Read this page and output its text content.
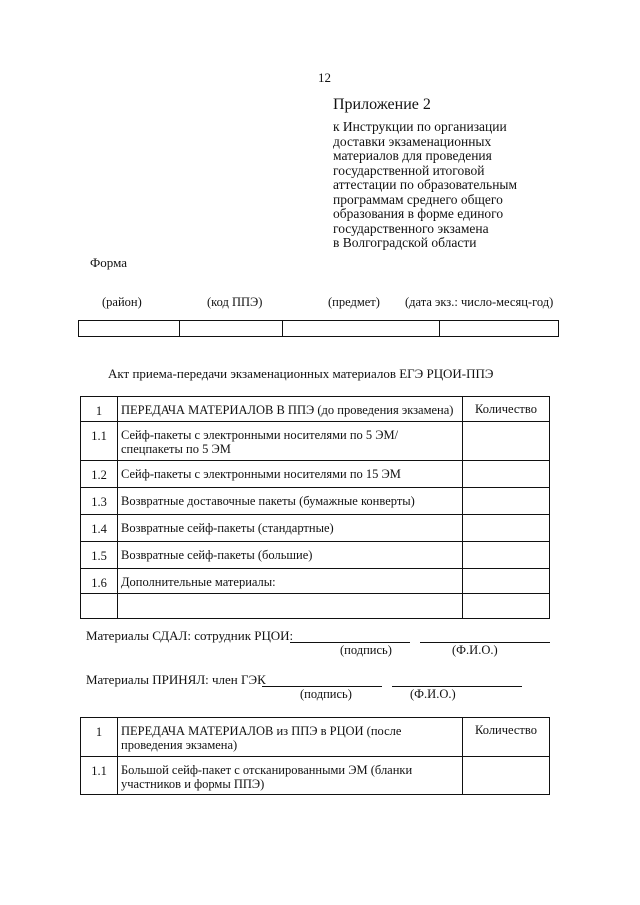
12
Приложение 2
к Инструкции по организации
доставки экзаменационных
материалов для проведения
государственной итоговой
аттестации по образовательным
программам среднего общего
образования в форме единого
государственного экзамена
в Волгоградской области
Форма
(район)	(код ППЭ)	(предмет) (дата экз.: число-месяц-год)
Акт приема-передачи экзаменационных материалов ЕГЭ РЦОИ-ППЭ
1	ПЕРЕДАЧА МАТЕРИАЛОВ В ППЭ (до проведения экзамена)	Количество
1.1	Сейф-пакеты с электронными носителями по 5 ЭМ/спецпакеты по 5 ЭМ	
1.2	Сейф-пакеты с электронными носителями по 15 ЭМ	
1.3	Возвратные доставочные пакеты (бумажные конверты)	
1.4	Возвратные сейф-пакеты (стандартные)	
1.5	Возвратные сейф-пакеты (большие)	
1.6	Дополнительные материалы:	

Материалы СДАЛ: сотрудник РЦОИ:
(подпись)	(Ф.И.О.)
Материалы ПРИНЯЛ: член ГЭК
(подпись)	(Ф.И.О.)
1	ПЕРЕДАЧА МАТЕРИАЛОВ из ППЭ в РЦОИ (после проведения экзамена)	Количество
1.1	Большой сейф-пакет с отсканированными ЭМ (бланки участников и формы ППЭ)	
